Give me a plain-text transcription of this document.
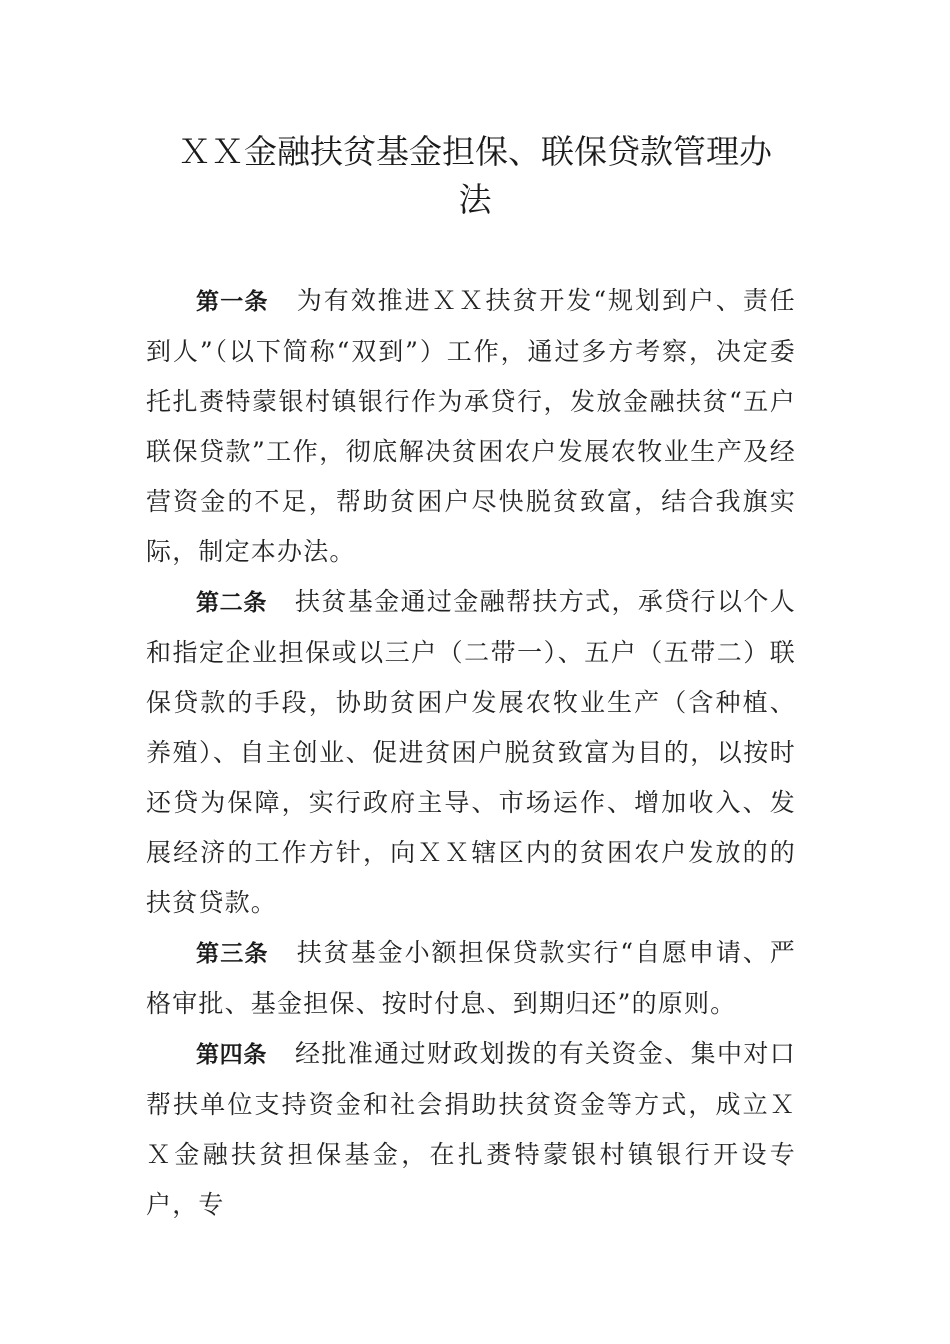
ＸＸ金融扶贫基金担保、联保贷款管理办
法

第一条 为有效推进ＸＸ扶贫开发“规划到户、责任到人”（以下简称“双到”）工作，通过多方考察，决定委托扎赉特蒙银村镇银行作为承贷行，发放金融扶贫“五户联保贷款”工作，彻底解决贫困农户发展农牧业生产及经营资金的不足，帮助贫困户尽快脱贫致富，结合我旗实际，制定本办法。

第二条 扶贫基金通过金融帮扶方式，承贷行以个人和指定企业担保或以三户（二带一）、五户（五带二）联保贷款的手段，协助贫困户发展农牧业生产（含种植、养殖）、自主创业、促进贫困户脱贫致富为目的，以按时还贷为保障，实行政府主导、市场运作、增加收入、发展经济的工作方针，向ＸＸ辖区内的贫困农户发放的的扶贫贷款。

第三条 扶贫基金小额担保贷款实行“自愿申请、严格审批、基金担保、按时付息、到期归还”的原则。

第四条 经批准通过财政划拨的有关资金、集中对口帮扶单位支持资金和社会捐助扶贫资金等方式，成立ＸＸ金融扶贫担保基金，在扎赉特蒙银村镇银行开设专户，专
